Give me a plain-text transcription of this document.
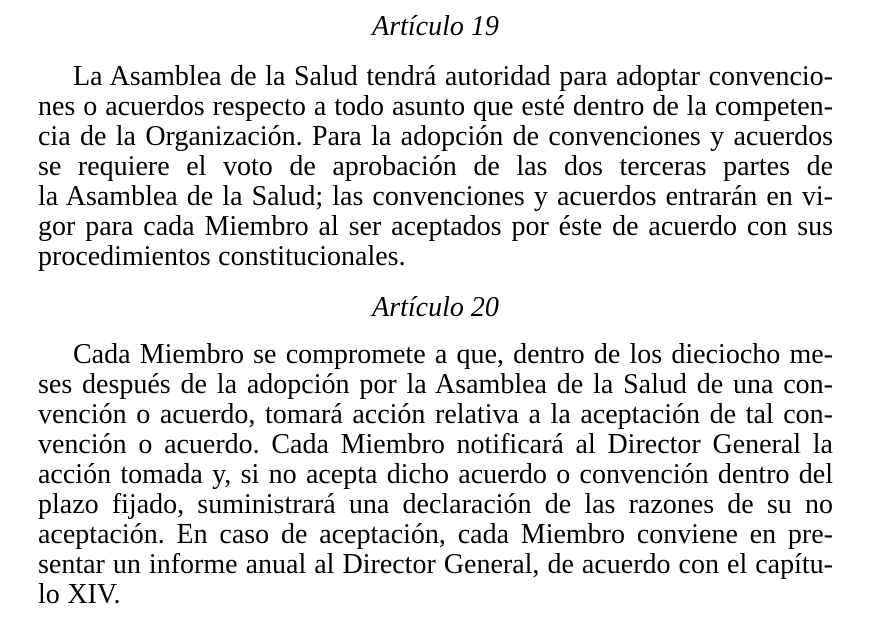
Artículo 19
La Asamblea de la Salud tendrá autoridad para adoptar convencio-
nes o acuerdos respecto a todo asunto que esté dentro de la competen-
cia de la Organización. Para la adopción de convenciones y acuerdos
se requiere el voto de aprobación de las dos terceras partes de
la Asamblea de la Salud; las convenciones y acuerdos entrarán en vi-
gor para cada Miembro al ser aceptados por éste de acuerdo con sus
procedimientos constitucionales.
Artículo 20
Cada Miembro se compromete a que, dentro de los dieciocho me-
ses después de la adopción por la Asamblea de la Salud de una con-
vención o acuerdo, tomará acción relativa a la aceptación de tal con-
vención o acuerdo. Cada Miembro notificará al Director General la
acción tomada y, si no acepta dicho acuerdo o convención dentro del
plazo fijado, suministrará una declaración de las razones de su no
aceptación. En caso de aceptación, cada Miembro conviene en pre-
sentar un informe anual al Director General, de acuerdo con el capítu-
lo XIV.
